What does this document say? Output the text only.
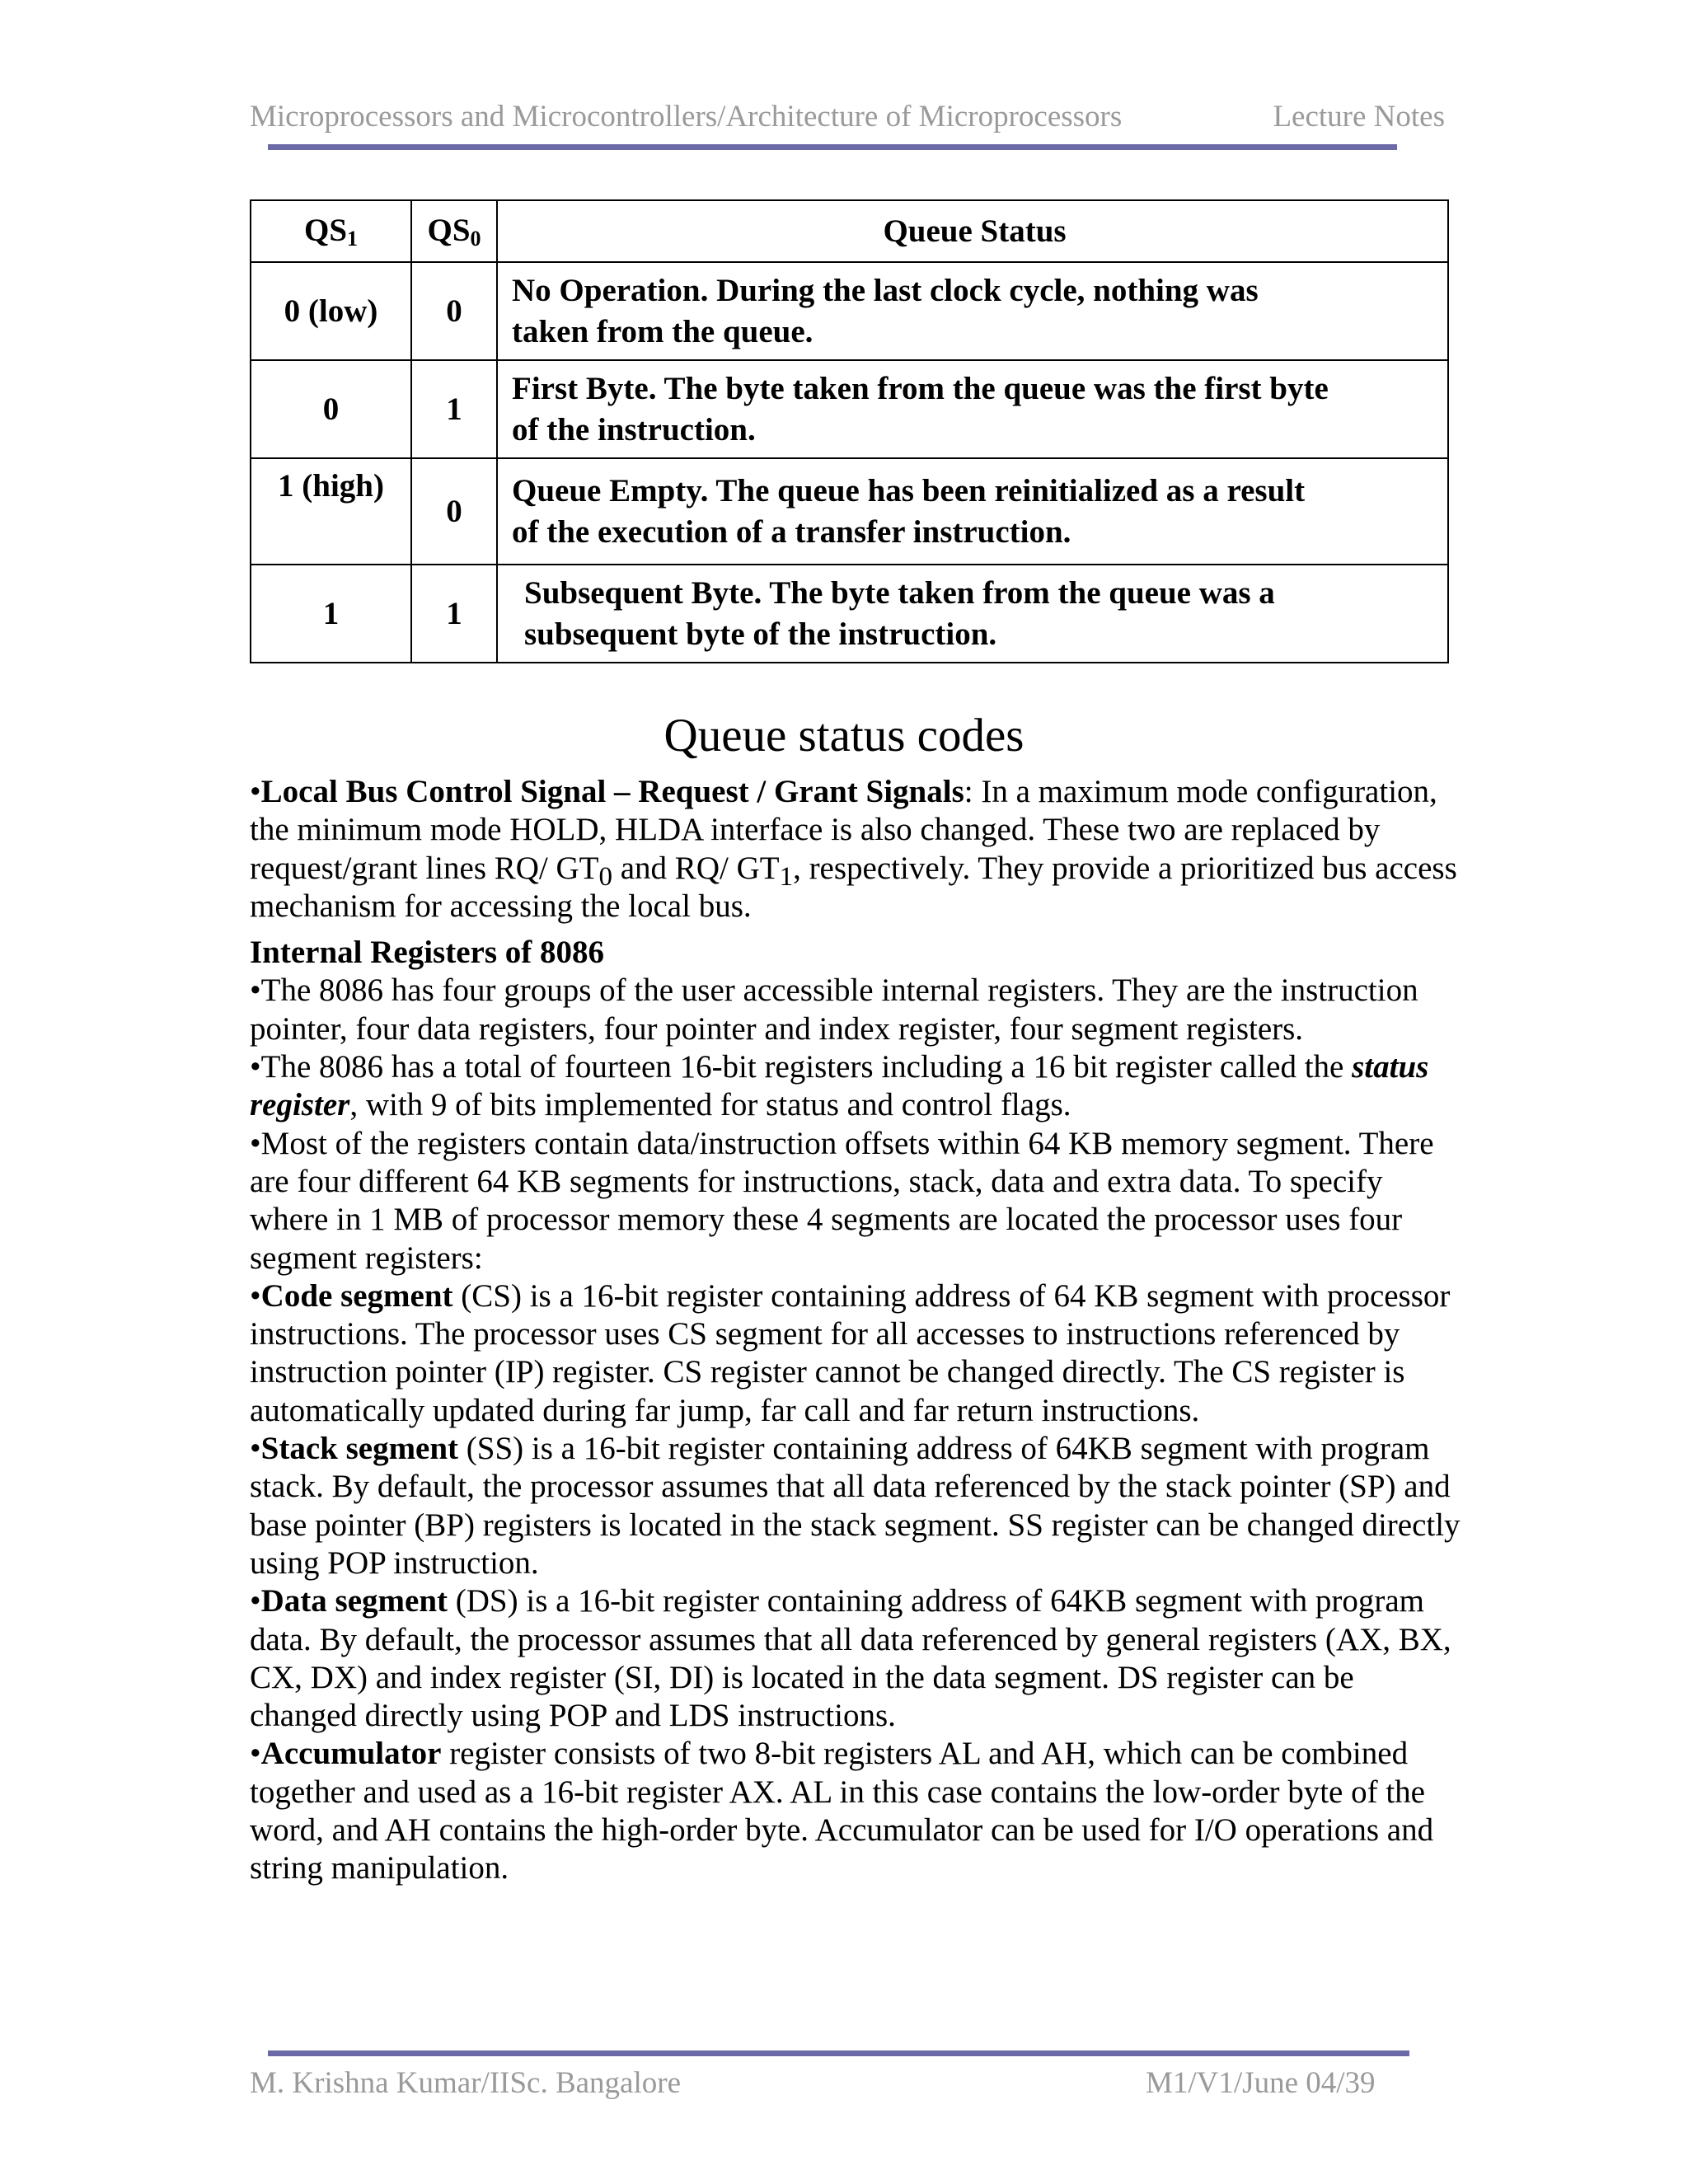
Microprocessors and Microcontrollers/Architecture of Microprocessors	Lecture Notes
$QS_1$	$QS_0$	Queue Status
0 (low)	0	No Operation. During the last clock cycle, nothing was
taken from the queue.
0	1	First Byte. The byte taken from the queue was the first byte
of the instruction.
1 (high)	0	Queue Empty. The queue has been reinitialized as a result
of the execution of a transfer instruction.
1	1	Subsequent Byte. The byte taken from the queue was a
subsequent byte of the instruction.
Queue status codes

•Local Bus Control Signal – Request / Grant Signals: In a maximum mode configuration, the minimum mode HOLD, HLDA interface is also changed. These two are replaced by request/grant lines RQ/ $GT_0$ and RQ/ $GT_1$, respectively. They provide a prioritized bus access mechanism for accessing the local bus.

Internal Registers of 8086

•The 8086 has four groups of the user accessible internal registers. They are the instruction pointer, four data registers, four pointer and index register, four segment registers.

•The 8086 has a total of fourteen 16-bit registers including a 16 bit register called the status register, with 9 of bits implemented for status and control flags.

•Most of the registers contain data/instruction offsets within 64 KB memory segment. There are four different 64 KB segments for instructions, stack, data and extra data. To specify where in 1 MB of processor memory these 4 segments are located the processor uses four segment registers:

•Code segment (CS) is a 16-bit register containing address of 64 KB segment with processor instructions. The processor uses CS segment for all accesses to instructions referenced by instruction pointer (IP) register. CS register cannot be changed directly. The CS register is automatically updated during far jump, far call and far return instructions.

•Stack segment (SS) is a 16-bit register containing address of 64KB segment with program stack. By default, the processor assumes that all data referenced by the stack pointer (SP) and base pointer (BP) registers is located in the stack segment. SS register can be changed directly using POP instruction.

•Data segment (DS) is a 16-bit register containing address of 64KB segment with program data. By default, the processor assumes that all data referenced by general registers (AX, BX, CX, DX) and index register (SI, DI) is located in the data segment. DS register can be changed directly using POP and LDS instructions.

•Accumulator register consists of two 8-bit registers AL and AH, which can be combined together and used as a 16-bit register AX. AL in this case contains the low-order byte of the word, and AH contains the high-order byte. Accumulator can be used for I/O operations and string manipulation.

M. Krishna Kumar/IISc. Bangalore	M1/V1/June 04/39
